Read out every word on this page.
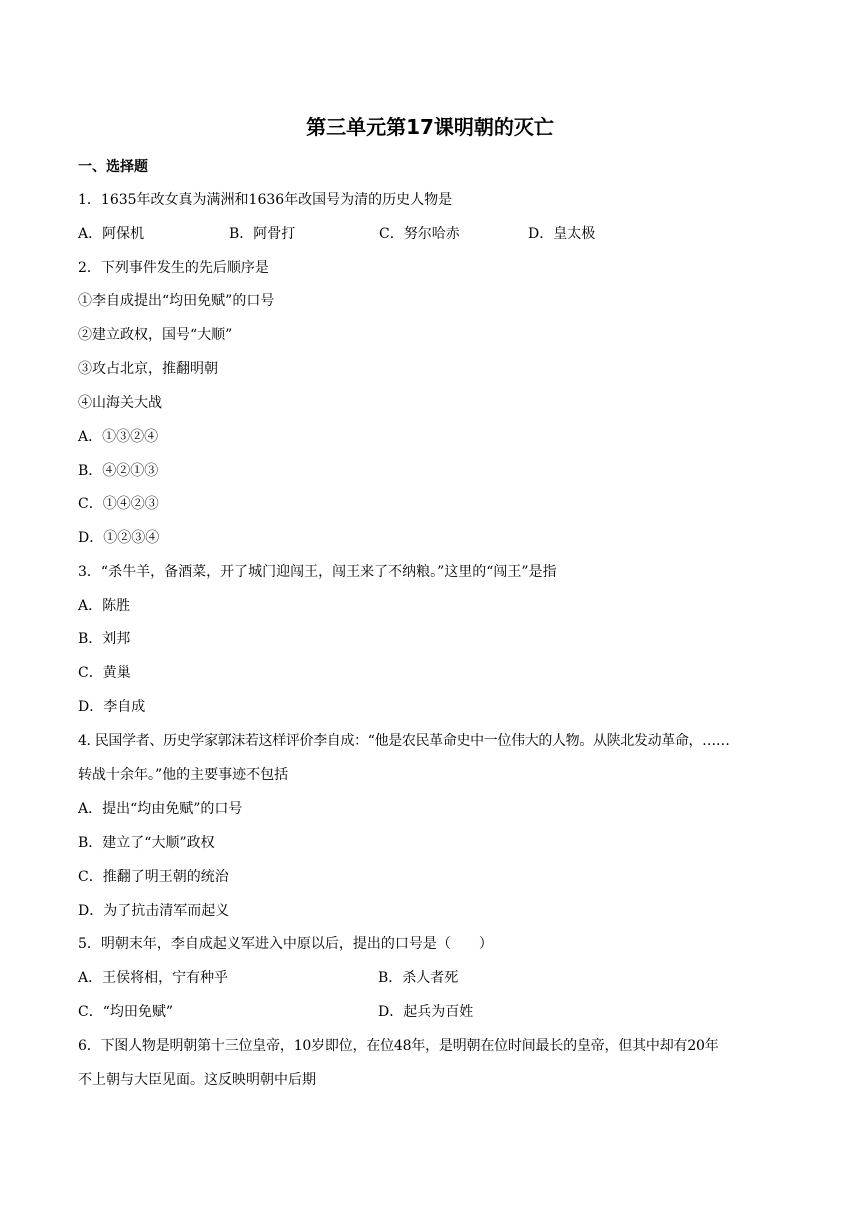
第三单元第17课明朝的灭亡
一、选择题
1．1635年改女真为满洲和1636年改国号为清的历史人物是
A．阿保机	B．阿骨打	C．努尔哈赤	D．皇太极
2．下列事件发生的先后顺序是
①李自成提出“均田免赋”的口号
②建立政权，国号“大顺”
③攻占北京，推翻明朝
④山海关大战
A．①③②④
B．④②①③
C．①④②③
D．①②③④
3．“杀牛羊，备酒菜，开了城门迎闯王，闯王来了不纳粮。”这里的“闯王”是指
A．陈胜
B．刘邦
C．黄巢
D．李自成
4. 民国学者、历史学家郭沫若这样评价李自成：“他是农民革命史中一位伟大的人物。从陕北发动革命，……
转战十余年。”他的主要事迹不包括
A．提出“均由免赋”的口号
B．建立了“大顺”政权
C．推翻了明王朝的统治
D．为了抗击清军而起义
5．明朝末年，李自成起义军进入中原以后，提出的口号是（　　）
A．王侯将相，宁有种乎	B．杀人者死
C．“均田免赋”	D．起兵为百姓
6．下图人物是明朝第十三位皇帝，10岁即位，在位48年，是明朝在位时间最长的皇帝，但其中却有20年
不上朝与大臣见面。这反映明朝中后期
